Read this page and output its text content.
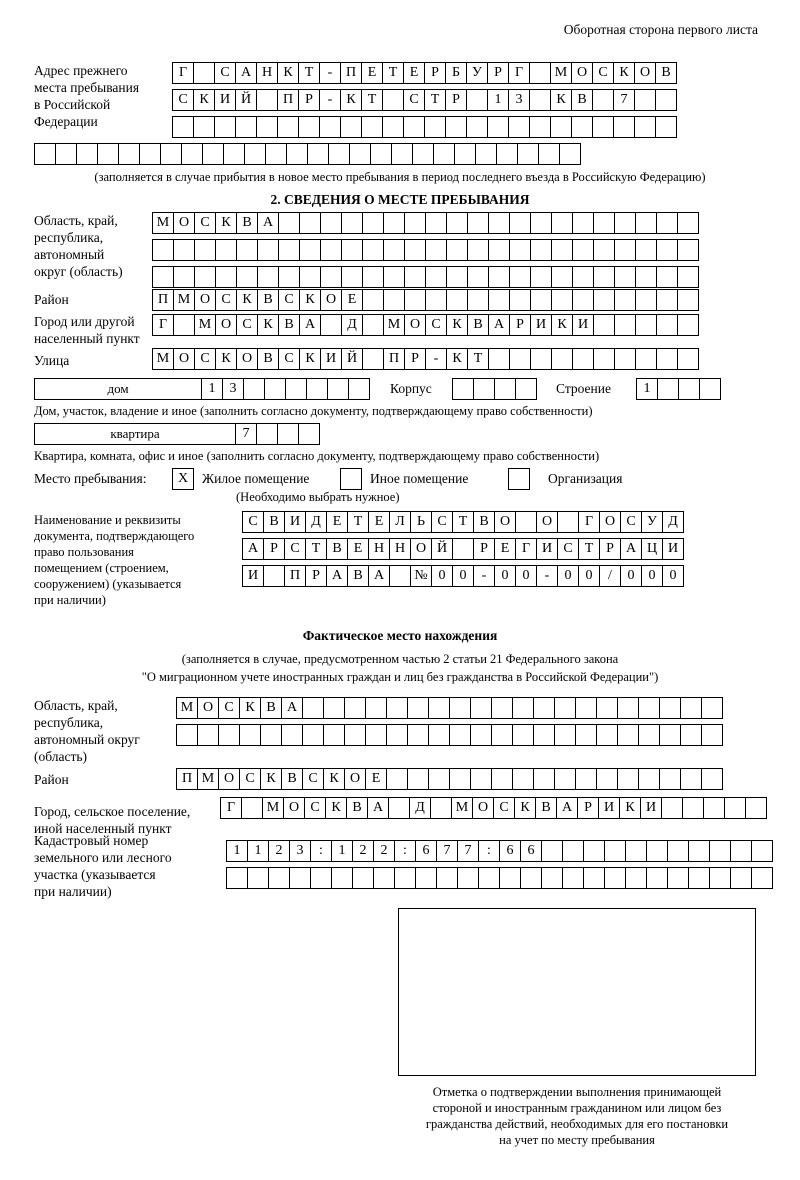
Оборотная сторона первого листа
Адрес прежнего
места пребывания
в Российской
Федерации
Г	С А Н К Т	- П Е Т Е Р Б У Р Г	М О С К О В
С К И Й	П Р	-	К Т	С Т Р	1	3	К В	7
(заполняется в случае прибытия в новое место пребывания в период последнего въезда в Российскую Федерацию)
2. СВЕДЕНИЯ О МЕСТЕ ПРЕБЫВАНИЯ
Область, край,
республика,
автономный
округ (область)
М О С К В А
Район	П М О С К В С К О Е
Город или другой
населенный пункт
Г	М О С К В А	Д	М О С К В А Р И К И
Улица	М О С К О В С К И Й	П Р	-	К Т
дом	1	3	Корпус	Строение	1
Дом, участок, владение и иное (заполнить согласно документу, подтверждающему право собственности)
квартира	7
Квартира, комната, офис и иное (заполнить согласно документу, подтверждающему право собственности)
Место пребывания:	X	Жилое помещение	Иное помещение	Организация
(Необходимо выбрать нужное)
Наименование и реквизиты
документа, подтверждающего
право пользования
помещением (строением,
сооружением) (указывается
при наличии)
С В И Д Е Т Е Л Ь С Т В О	О	Г О С У Д
А Р С Т В Е Н Н О Й	Р Е Г И С Т Р А Ц И
И	П Р А В А	№ 0	0	-	0	0	-	0	0	/	0	0	0
Фактическое место нахождения
(заполняется в случае, предусмотренном частью 2 статьи 21 Федерального закона
"О миграционном учете иностранных граждан и лиц без гражданства в Российской Федерации")
Область, край,
республика,
автономный округ
(область)
М О С К В А
Район	П М О С К В С К О Е
Город, сельское поселение,
иной населенный пункт
Г	М О С К В А	Д	М О С К В А Р И К И
Кадастровый номер
земельного или лесного
участка (указывается
при наличии)
1	1	2	3	:	1	2	2	:	6	7	7	:	6	6
Отметка о подтверждении выполнения принимающей
стороной и иностранным гражданином или лицом без
гражданства действий, необходимых для его постановки
на учет по месту пребывания
